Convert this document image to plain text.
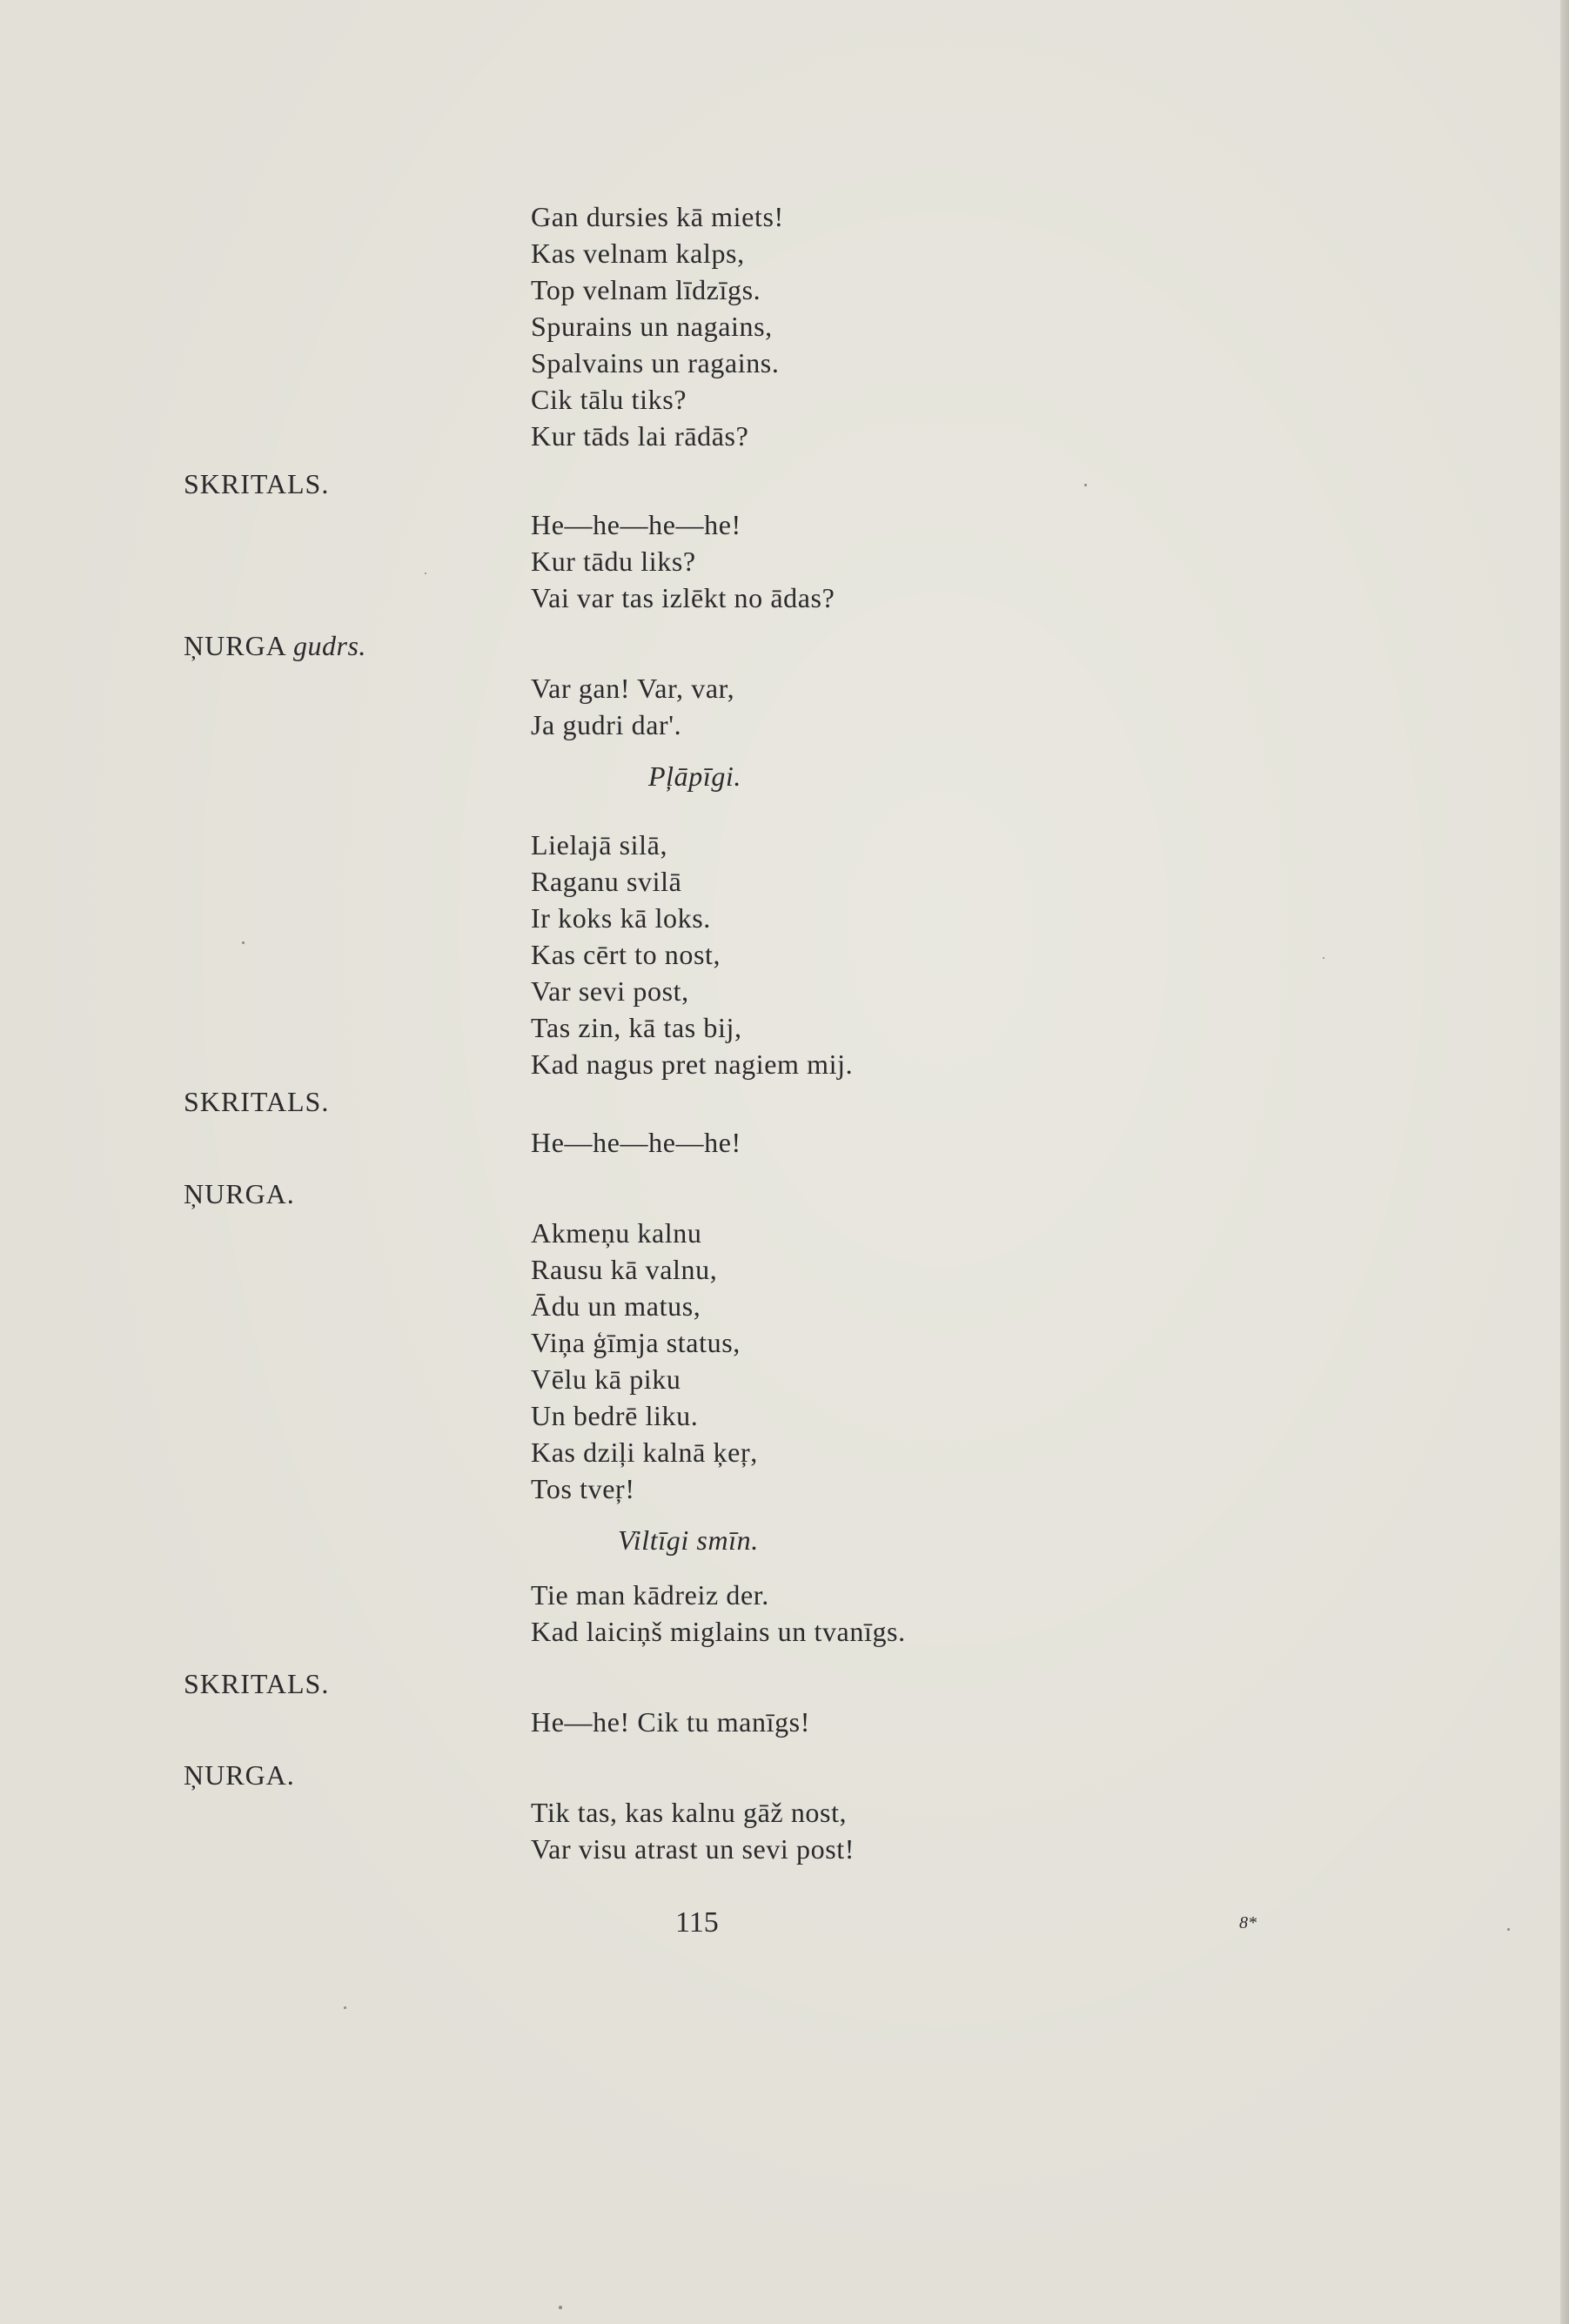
SKRITALS.
ŅURGA gudrs.
SKRITALS.
ŅURGA.
SKRITALS.
ŅURGA.
Gan dursies kā miets!
Kas velnam kalps,
Top velnam līdzīgs.
Spurains un nagains,
Spalvains un ragains.
Cik tālu tiks?
Kur tāds lai rādās?
He—he—he—he!
Kur tādu liks?
Vai var tas izlēkt no ādas?
Var gan! Var, var,
Ja gudri dar'.
Pļāpīgi.
Lielajā silā,
Raganu svilā
Ir koks kā loks.
Kas cērt to nost,
Var sevi post,
Tas zin, kā tas bij,
Kad nagus pret nagiem mij.
He—he—he—he!
Akmeņu kalnu
Rausu kā valnu,
Ādu un matus,
Viņa ģīmja status,
Vēlu kā piku
Un bedrē liku.
Kas dziļi kalnā ķeŗ,
Tos tveŗ!
Viltīgi smīn.
Tie man kādreiz der.
Kad laiciņš miglains un tvanīgs.
He—he! Cik tu manīgs!
Tik tas, kas kalnu gāž nost,
Var visu atrast un sevi post!
115	8*
